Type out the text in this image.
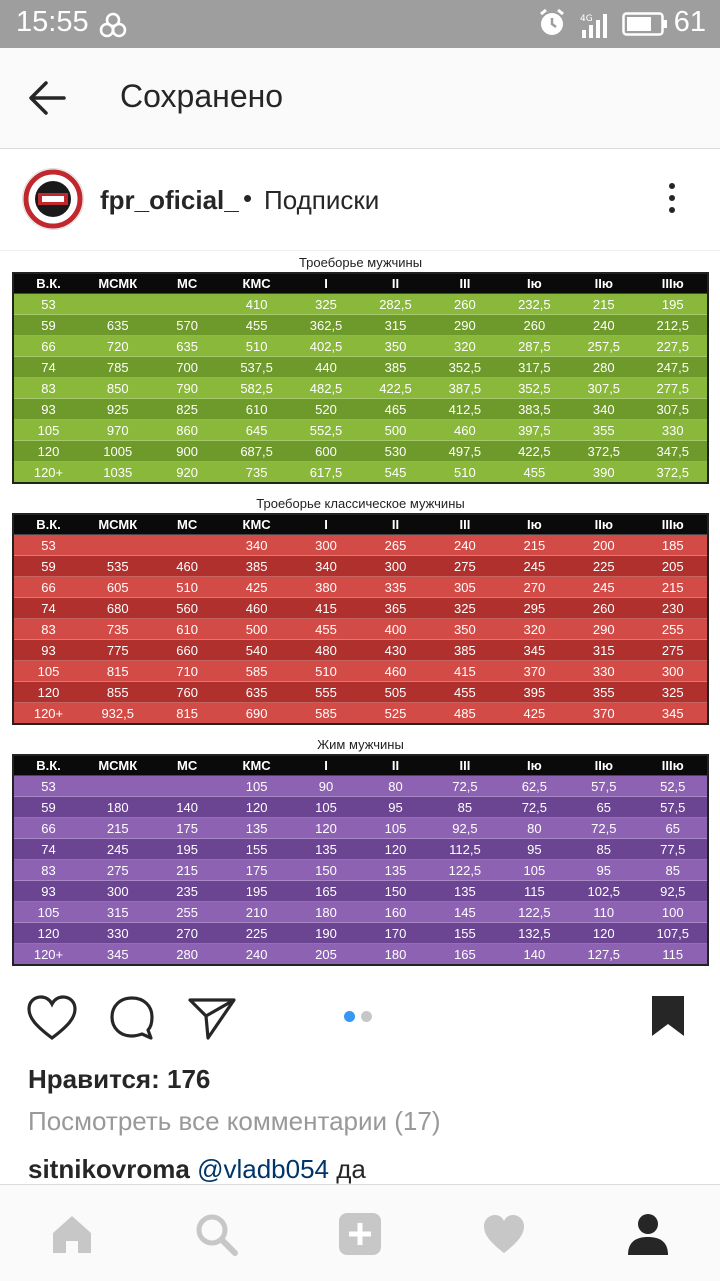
15:55	4G	61
Сохранено
fpr_oficial_ • Подписки
Троеборье мужчины
В.К.	МСМК	МС	КМС	I	II	III	Iю	IIю	IIIю
53			410	325	282,5	260	232,5	215	195
59	635	570	455	362,5	315	290	260	240	212,5
66	720	635	510	402,5	350	320	287,5	257,5	227,5
74	785	700	537,5	440	385	352,5	317,5	280	247,5
83	850	790	582,5	482,5	422,5	387,5	352,5	307,5	277,5
93	925	825	610	520	465	412,5	383,5	340	307,5
105	970	860	645	552,5	500	460	397,5	355	330
120	1005	900	687,5	600	530	497,5	422,5	372,5	347,5
120+	1035	920	735	617,5	545	510	455	390	372,5
Троеборье классическое мужчины
В.К.	МСМК	МС	КМС	I	II	III	Iю	IIю	IIIю
53			340	300	265	240	215	200	185
59	535	460	385	340	300	275	245	225	205
66	605	510	425	380	335	305	270	245	215
74	680	560	460	415	365	325	295	260	230
83	735	610	500	455	400	350	320	290	255
93	775	660	540	480	430	385	345	315	275
105	815	710	585	510	460	415	370	330	300
120	855	760	635	555	505	455	395	355	325
120+	932,5	815	690	585	525	485	425	370	345
Жим мужчины
В.К.	МСМК	МС	КМС	I	II	III	Iю	IIю	IIIю
53			105	90	80	72,5	62,5	57,5	52,5
59	180	140	120	105	95	85	72,5	65	57,5
66	215	175	135	120	105	92,5	80	72,5	65
74	245	195	155	135	120	112,5	95	85	77,5
83	275	215	175	150	135	122,5	105	95	85
93	300	235	195	165	150	135	115	102,5	92,5
105	315	255	210	180	160	145	122,5	110	100
120	330	270	225	190	170	155	132,5	120	107,5
120+	345	280	240	205	180	165	140	127,5	115
Нравится: 176
Посмотреть все комментарии (17)
sitnikovroma @vladb054 да
